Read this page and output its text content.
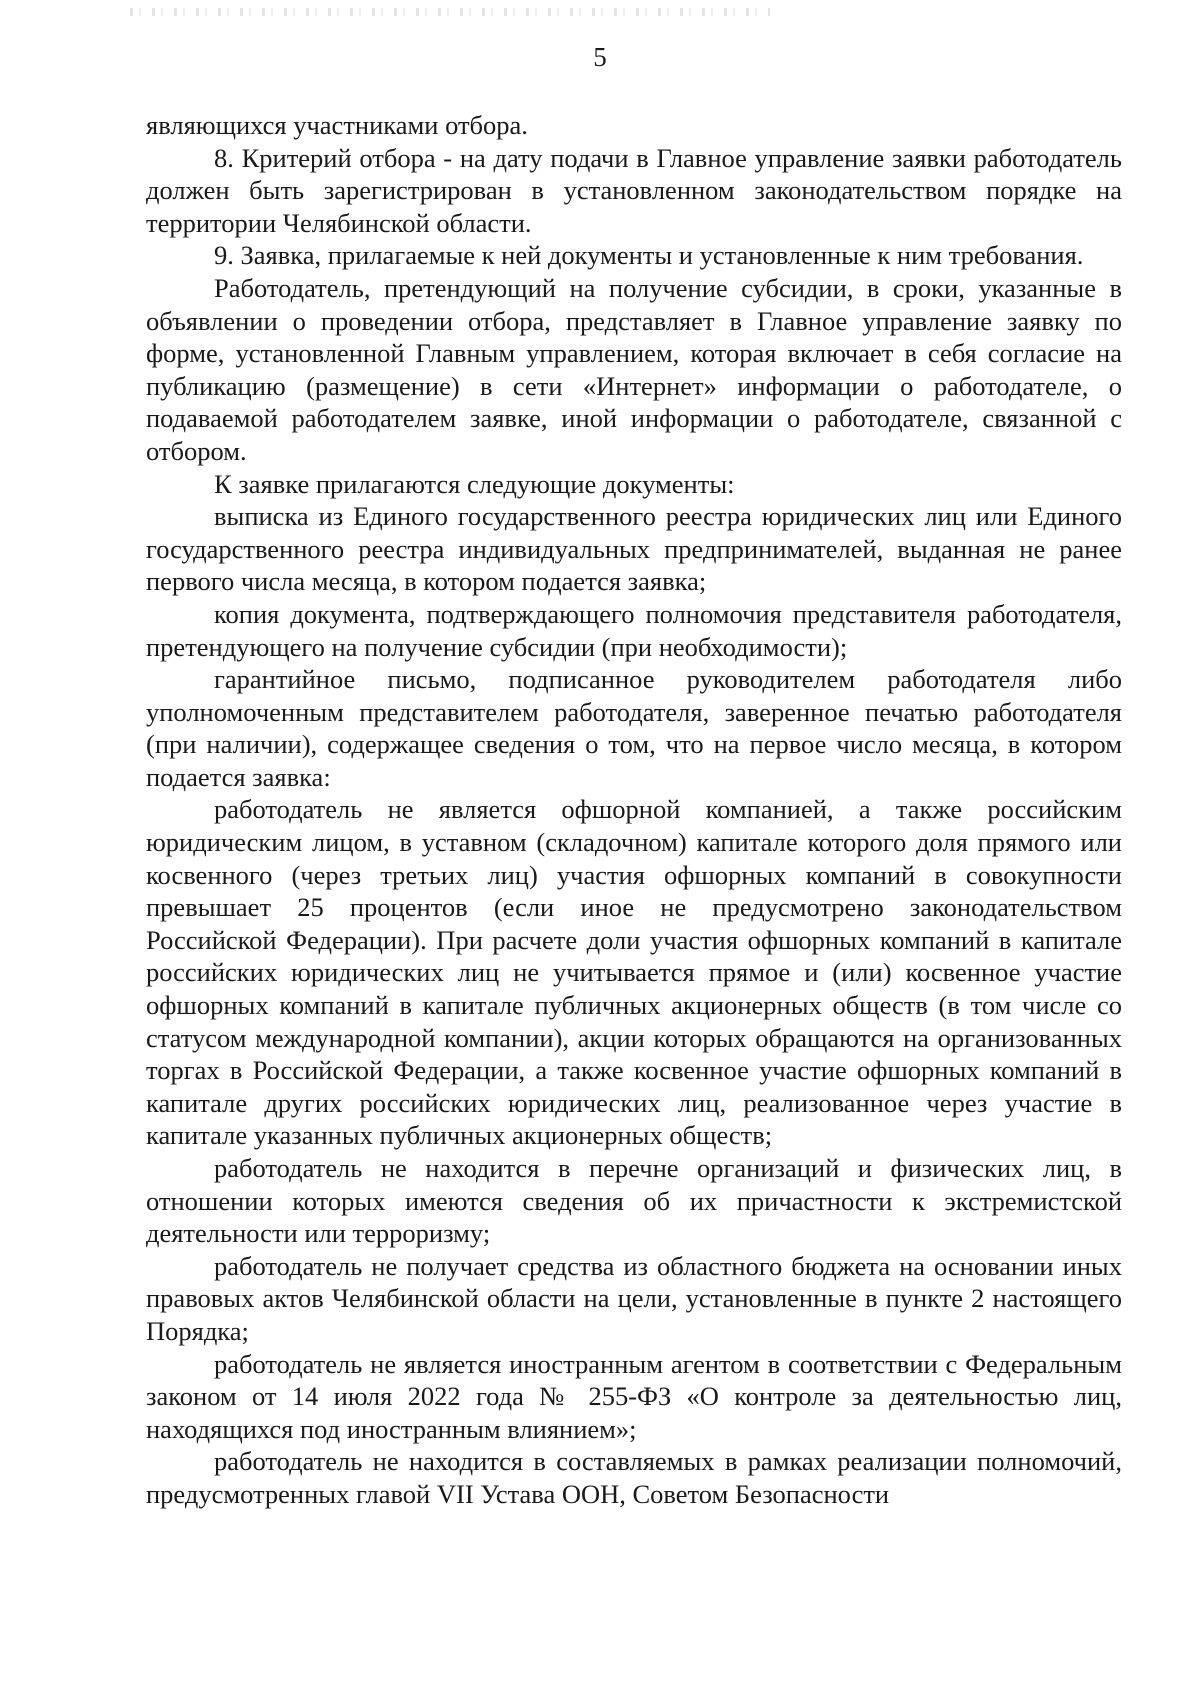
5

являющихся участниками отбора.

8. Критерий отбора - на дату подачи в Главное управление заявки работодатель должен быть зарегистрирован в установленном законодательством порядке на территории Челябинской области.

9. Заявка, прилагаемые к ней документы и установленные к ним требования.

Работодатель, претендующий на получение субсидии, в сроки, указанные в объявлении о проведении отбора, представляет в Главное управление заявку по форме, установленной Главным управлением, которая включает в себя согласие на публикацию (размещение) в сети «Интернет» информации о работодателе, о подаваемой работодателем заявке, иной информации о работодателе, связанной с отбором.

К заявке прилагаются следующие документы:

выписка из Единого государственного реестра юридических лиц или Единого государственного реестра индивидуальных предпринимателей, выданная не ранее первого числа месяца, в котором подается заявка;

копия документа, подтверждающего полномочия представителя работодателя, претендующего на получение субсидии (при необходимости);

гарантийное письмо, подписанное руководителем работодателя либо уполномоченным представителем работодателя, заверенное печатью работодателя (при наличии), содержащее сведения о том, что на первое число месяца, в котором подается заявка:

работодатель не является офшорной компанией, а также российским юридическим лицом, в уставном (складочном) капитале которого доля прямого или косвенного (через третьих лиц) участия офшорных компаний в совокупности превышает 25 процентов (если иное не предусмотрено законодательством Российской Федерации). При расчете доли участия офшорных компаний в капитале российских юридических лиц не учитывается прямое и (или) косвенное участие офшорных компаний в капитале публичных акционерных обществ (в том числе со статусом международной компании), акции которых обращаются на организованных торгах в Российской Федерации, а также косвенное участие офшорных компаний в капитале других российских юридических лиц, реализованное через участие в капитале указанных публичных акционерных обществ;

работодатель не находится в перечне организаций и физических лиц, в отношении которых имеются сведения об их причастности к экстремистской деятельности или терроризму;

работодатель не получает средства из областного бюджета на основании иных правовых актов Челябинской области на цели, установленные в пункте 2 настоящего Порядка;

работодатель не является иностранным агентом в соответствии с Федеральным законом от 14 июля 2022 года № 255-ФЗ «О контроле за деятельностью лиц, находящихся под иностранным влиянием»;

работодатель не находится в составляемых в рамках реализации полномочий, предусмотренных главой VII Устава ООН, Советом Безопасности
